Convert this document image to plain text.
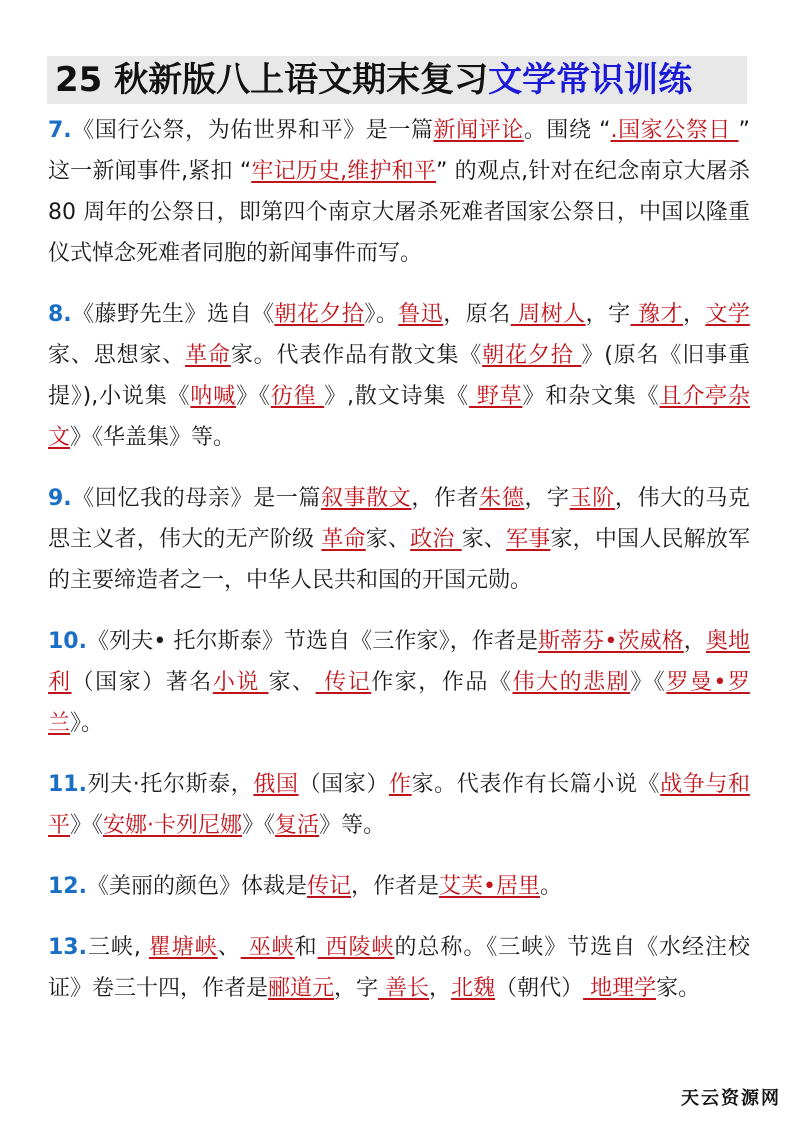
25 秋新版八上语文期末复习文学常识训练

7.《国行公祭，为佑世界和平》是一篇新闻评论。围绕 “.国家公祭日 ” 这一新闻事件,紧扣 “牢记历史,维护和平” 的观点,针对在纪念南京大屠杀 80 周年的公祭日，即第四个南京大屠杀死难者国家公祭日，中国以隆重仪式悼念死难者同胞的新闻事件而写。

8.《藤野先生》选自《朝花夕拾》。鲁迅，原名 周树人，字 豫才，文学家、思想家、革命家。代表作品有散文集《朝花夕拾 》(原名《旧事重提》),小说集《呐喊》《彷徨 》,散文诗集《 野草》和杂文集《且介亭杂文》《华盖集》等。

9.《回忆我的母亲》是一篇叙事散文，作者朱德，字玉阶，伟大的马克思主义者，伟大的无产阶级 革命家、政治 家、军事家，中国人民解放军的主要缔造者之一，中华人民共和国的开国元勋。

10.《列夫• 托尔斯泰》节选自《三作家》，作者是斯蒂芬•茨威格，奥地利（国家）著名小说 家、 传记作家，作品《伟大的悲剧》《罗曼•罗兰》。

11.列夫·托尔斯泰，俄国（国家）作家。代表作有长篇小说《战争与和平》《安娜·卡列尼娜》《复活》等。

12.《美丽的颜色》体裁是传记，作者是艾芙•居里。

13.三峡, 瞿塘峡、 巫峡和 西陵峡的总称。《三峡》节选自《水经注校证》卷三十四，作者是郦道元，字 善长，北魏（朝代） 地理学家。

天云资源网
